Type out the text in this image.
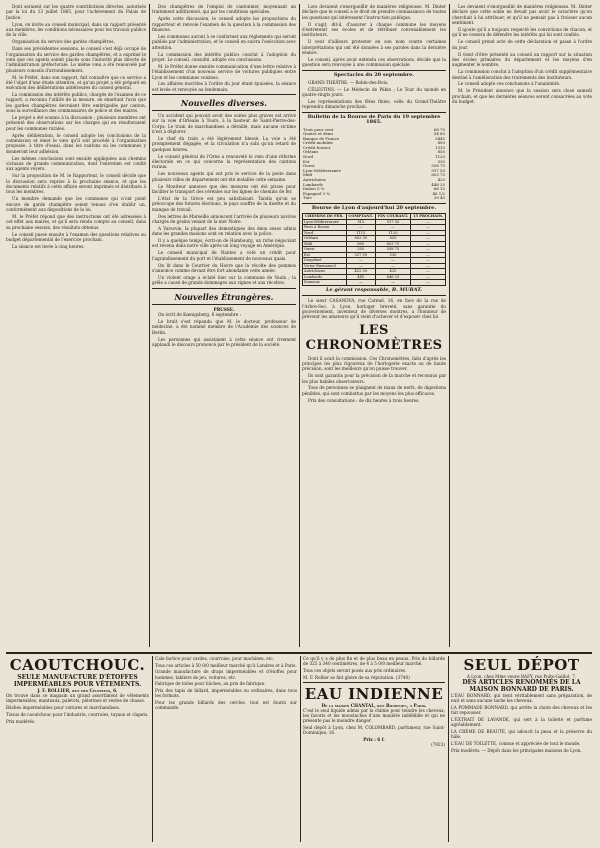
Dont seraient sur les quatre contributions directes, autorisés par la loi du 13 juillet 1865, pour l'achèvement du Palais de Justice.

Lyon, on invite au conseil municipal, dans un rapport présenté aux membres, les conditions nécessaires pour les travaux publics de la ville.

Organisation du service des gardes champêtres.

Dans ses précédentes sessions, le conseil s'est déjà occupé de l'organisation du service des gardes champêtres, et a exprimé le vœu que ces agents soient placés sous l'autorité plus directe de l'administration préfectorale. Le même vœu a été renouvelé par plusieurs conseils d'arrondissement.

M. le Préfet, dans son rapport, fait connaître que ce service a été l'objet d'une étude attentive, et qu'un projet a été préparé en exécution des délibérations antérieures du conseil général.

La commission des intérêts publics, chargée de l'examen de ce rapport, a reconnu l'utilité de la mesure, en émettant l'avis que les gardes champêtres devraient être embrigadés par canton, sous la surveillance des commissaires de police et des maires.

Le projet a été soumis à la discussion ; plusieurs membres ont présenté des observations sur les charges qui en résulteraient pour les communes rurales.

Après délibération, le conseil adopte les conclusions de la commission et émet le vœu qu'il soit procédé à l'organisation proposée, à titre d'essai, dans les cantons où les communes y donneront leur adhésion.

Les mêmes conclusions sont ensuite appliquées aux chemins vicinaux de grande communication, dont l'entretien est confié aux agents voyers.

Sur la proposition de M. le Rapporteur, le conseil décide que la discussion sera reprise à la prochaine séance, et que les documents relatifs à cette affaire seront imprimés et distribués à tous les membres.

Un membre demande que les communes qui n'ont point encore de garde champêtre soient tenues d'en établir un, conformément aux dispositions de la loi.

M. le Préfet répond que des instructions ont été adressées à cet effet aux maires, et qu'il sera rendu compte au conseil, dans sa prochaine session, des résultats obtenus.

Le conseil passe ensuite à l'examen des questions relatives au budget départemental de l'exercice prochain.

La séance est levée à cinq heures.

Des champêtres de l'emploi de cantonnier, moyennant un traitement additionnel, qui par les conditions spéciales.

Après cette discussion, le conseil adopte les propositions du rapporteur et renvoie l'examen de la question à la commission des finances.

Les communes auront à se conformer aux règlements qui seront publiés par l'administration, et le conseil en suivra l'exécution avec attention.

La commission des intérêts publics conclut à l'adoption du projet. Le conseil, consulté, adopte ces conclusions.

M. le Préfet donne ensuite communication d'une lettre relative à l'établissement d'un nouveau service de voitures publiques entre Lyon et les communes voisines.

Les affaires inscrites à l'ordre du jour étant épuisées, la séance est levée et renvoyée au lendemain.

Nouvelles diverses.

Un accident qui pouvait avoir des suites plus graves est arrivé sur la voie d'Orléans à Tours, à la hauteur de Saint-Pierre-des-Corps. Le train de marchandises a déraillé, mais aucune victime n'est à déplorer.

Le chef du train a été légèrement blessé. La voie a été promptement dégagée, et la circulation n'a subi qu'un retard de quelques heures.

Le conseil général de l'Orne a renouvelé le vœu d'une réforme électorale en ce qui concerne la représentation des cantons ruraux.

Les nouveaux agents qui ont pris le service de la poste dans plusieurs villes de département ont été installés cette semaine.

Le Moniteur annonce que des mesures ont été prises pour faciliter le transport des céréales sur les lignes de chemins de fer.

L'état de la Grèce est peu satisfaisant. Tandis qu'on se préoccupe des futures élections, le pays souffre de la disette et du manque de travail.

Des lettres de Marseille annoncent l'arrivée de plusieurs navires chargés de grains venant de la mer Noire.

A Varsovie, la plupart des domestiques des deux sexes admis dans les grandes maisons sont en relation avec la police.

Il y a quelque temps, écrit-on de Hambourg, un riche négociant est revenu dans notre ville après un long voyage en Amérique.

Le conseil municipal de Nantes a voté un crédit pour l'agrandissement du port et l'établissement de nouveaux quais.

On lit dans le Courrier du Havre que la récolte des pommes s'annonce comme devant être fort abondante cette année.

Un violent orage a éclaté hier sur la commune de Vaulx ; la grêle a causé de grands dommages aux vignes et aux récoltes.

Nouvelles Étrangères.
PRUSSE.

On écrit de Kœnigsberg, 6 septembre :

Le bruit s'est répandu que M. le docteur, professeur de médecine, a été nommé membre de l'Académie des sciences de Berlin.

Les personnes qui assistaient à cette séance ont vivement applaudi le discours prononcé par le président de la société.

Lors devaient s'enorgueillir de manières religieuses. M. Dinter déclare que le conseil a le droit de prendre connaissance de toutes les questions qui intéressent l'instruction publique.

Il s'agit, dit-il, d'assurer à chaque commune les moyens d'entretenir ses écoles et de rétribuer convenablement les instituteurs.

Il veut d'ailleurs protester en son nom contre certaines interprétations qui ont été données à ses paroles dans la dernière séance.

Le conseil, après avoir entendu ces observations, décide que la question sera renvoyée à une commission spéciale.

Spectacles du 20 septembre.

GRAND-THÉÂTRE. — Robin-des-Bois.

CÉLESTINS. — Le Médecin de Pékin ; Le Tour du monde en quatre-vingts jours.

Les représentations des fêtes finies, celle du Grand-Théâtre reprendra dimanche prochain.

Bulletin de la Bourse de Paris du 19 septembre 1865.
Trois pour cent	68 70
Quatre et demi	94 80
Banque de France	3445
Crédit mobilier	800
Crédit foncier	1310
Orléans	855
Nord	1120
Est	530
Ouest	558 75
Lyon-Méditerranée	917 50
Midi	603 75
Autrichiens	425
Lombards	446 25
Italien 5 %	66 10
Espagnol 3 %	46 1/2
Turc	39 40
Bourse de Lyon d'aujourd'hui 20 septembre.
CHEMINS DE FER.	COMPTANT.	FIN COURANT.	15 PROCHAIN.
Lyon-Méditerranée	915	917 50	—
Paris à Rouen	—	—	—
Nord	1115	1120	—
Orléans	852 50	855	—
Midi	600	603 75	—
Ouest	555	558 75	—
Est	527 50	530	—
Dauphiné	—	—	—
Victor-Emmanuel	—	—	—
Autrichiens	422 50	425	—
Lombards	445	446 25	—
Romains	—	—	—
Le gérant responsable, B. MURAT.

Le sieur CASANOVA, rue Carmel, 16, en face de la rue de l'Arbre-Sec, à Lyon, horloger breveté, sans garantie du gouvernement, inventeur de diverses montres, a l'honneur de prévenir les amateurs qu'il vient d'achever et d'exposer chez lui

LES CHRONOMÈTRES

Dont il avait la commission. Ces Chronomètres, faits d'après les principes les plus rigoureux de l'horlogerie exacte ou de haute précision, sont les meilleurs qu'on puisse trouver.

Ils sont garantis pour la précision de la marche et reconnus par les plus habiles observateurs.

Tous de personnes se plaignent de maux de nerfs, de digestions pénibles, qui sont combattus par les moyens les plus efficaces.

Prix des consultations : de dix heures à trois heures.

Les devaient s'enorgueillir de manières religieuses. M. Dinter déclare que cette solde ne devait pas avoir le caractère qu'on cherchait à lui attribuer, et qu'il ne pensait pas à froisser aucun sentiment.

Il ajoute qu'il a toujours respecté les convictions de chacun, et qu'il ne cessera de défendre les intérêts qui lui sont confiés.

Le conseil prend acte de cette déclaration et passe à l'ordre du jour.

Il vient d'être présenté au conseil un rapport sur la situation des écoles primaires du département et les moyens d'en augmenter le nombre.

La commission conclut à l'adoption d'un crédit supplémentaire destiné à l'amélioration des traitements des instituteurs.

Le conseil adopte ces conclusions à l'unanimité.

M. le Président annonce que la session sera close samedi prochain, et que les dernières séances seront consacrées au vote du budget.

CAOUTCHOUC.
SEULE MANUFACTURE D'ÉTOFFES IMPERMÉABLES POUR VÊTEMENTS.
J. F. ROLLIER, rue des Célestins, 6.

On trouve dans ce magasin un grand assortiment de vêtements imperméables, manteaux, paletots, pèlerines et vestes de chasse.

Bâches imperméables pour voitures et marchandises.

Tissus de caoutchouc pour l'industrie, courroies, tuyaux et clapets.

Prix modérés.

Cale factice pour cardes, courroies, pour machines, etc.

Tous ces articles à 50 0/0 meilleur marché qu'à Londres et à Paris.

Grande manufacture de draps imperméables et d'étoffes pour hommes, tabliers de jeu, voitures, etc.

Fabrique de toiles pour bâches, au prix de fabrique.

Prix des tapis de billard, imperméables ou ordinaires, dans tous les formats.

Pour les grands billards des cercles, tout est fourni sur commande.

Ce qu'il y a de plus fin et de plus beau en peaux. Prix du billarde de 325 à 340 centimètres, de 4 à 5 0/0 meilleur marché.

Tous ces objets seront posés aux prix ordinaires.

M. F. Rollier se fait gloire de sa réputation. (3740)

EAU INDIENNE
De la maison CHANTAL, rue Richelieu, à Paris.

C'est le seul liquide admis par la chimie pour teindre les cheveux, les favoris et les moustaches d'une manière indélébile et qui ne présente pas le moindre danger.

Seul dépôt à Lyon, chez M. COLOMBARD, parfumeur, rue Saint-Dominique, 16.

Prix : 6 f.
(7923)
SEUL DÉPOT
A Lyon, chez Mme veuve BAFY, rue Puits-Gaillot, 7,
DES ARTICLES RENOMMÉS DE LA MAISON BONNARD DE PARIS.

L'EAU BONNARD, qui tient véritablement sans préparation, de nuit et sans aucune tache les cheveux.

LA POMMADE BONNARD, qui arrête la chute des cheveux et les fait repousser.

L'EXTRAIT DE LAVANDE, qui sert à la toilette et parfume agréablement.

LA CRÈME DE BEAUTÉ, qui adoucit la peau et la préserve du hâle.

L'EAU DE TOILETTE, connue et appréciée de tout le monde.

Prix modérés. — Dépôt dans les principales maisons de Lyon.
